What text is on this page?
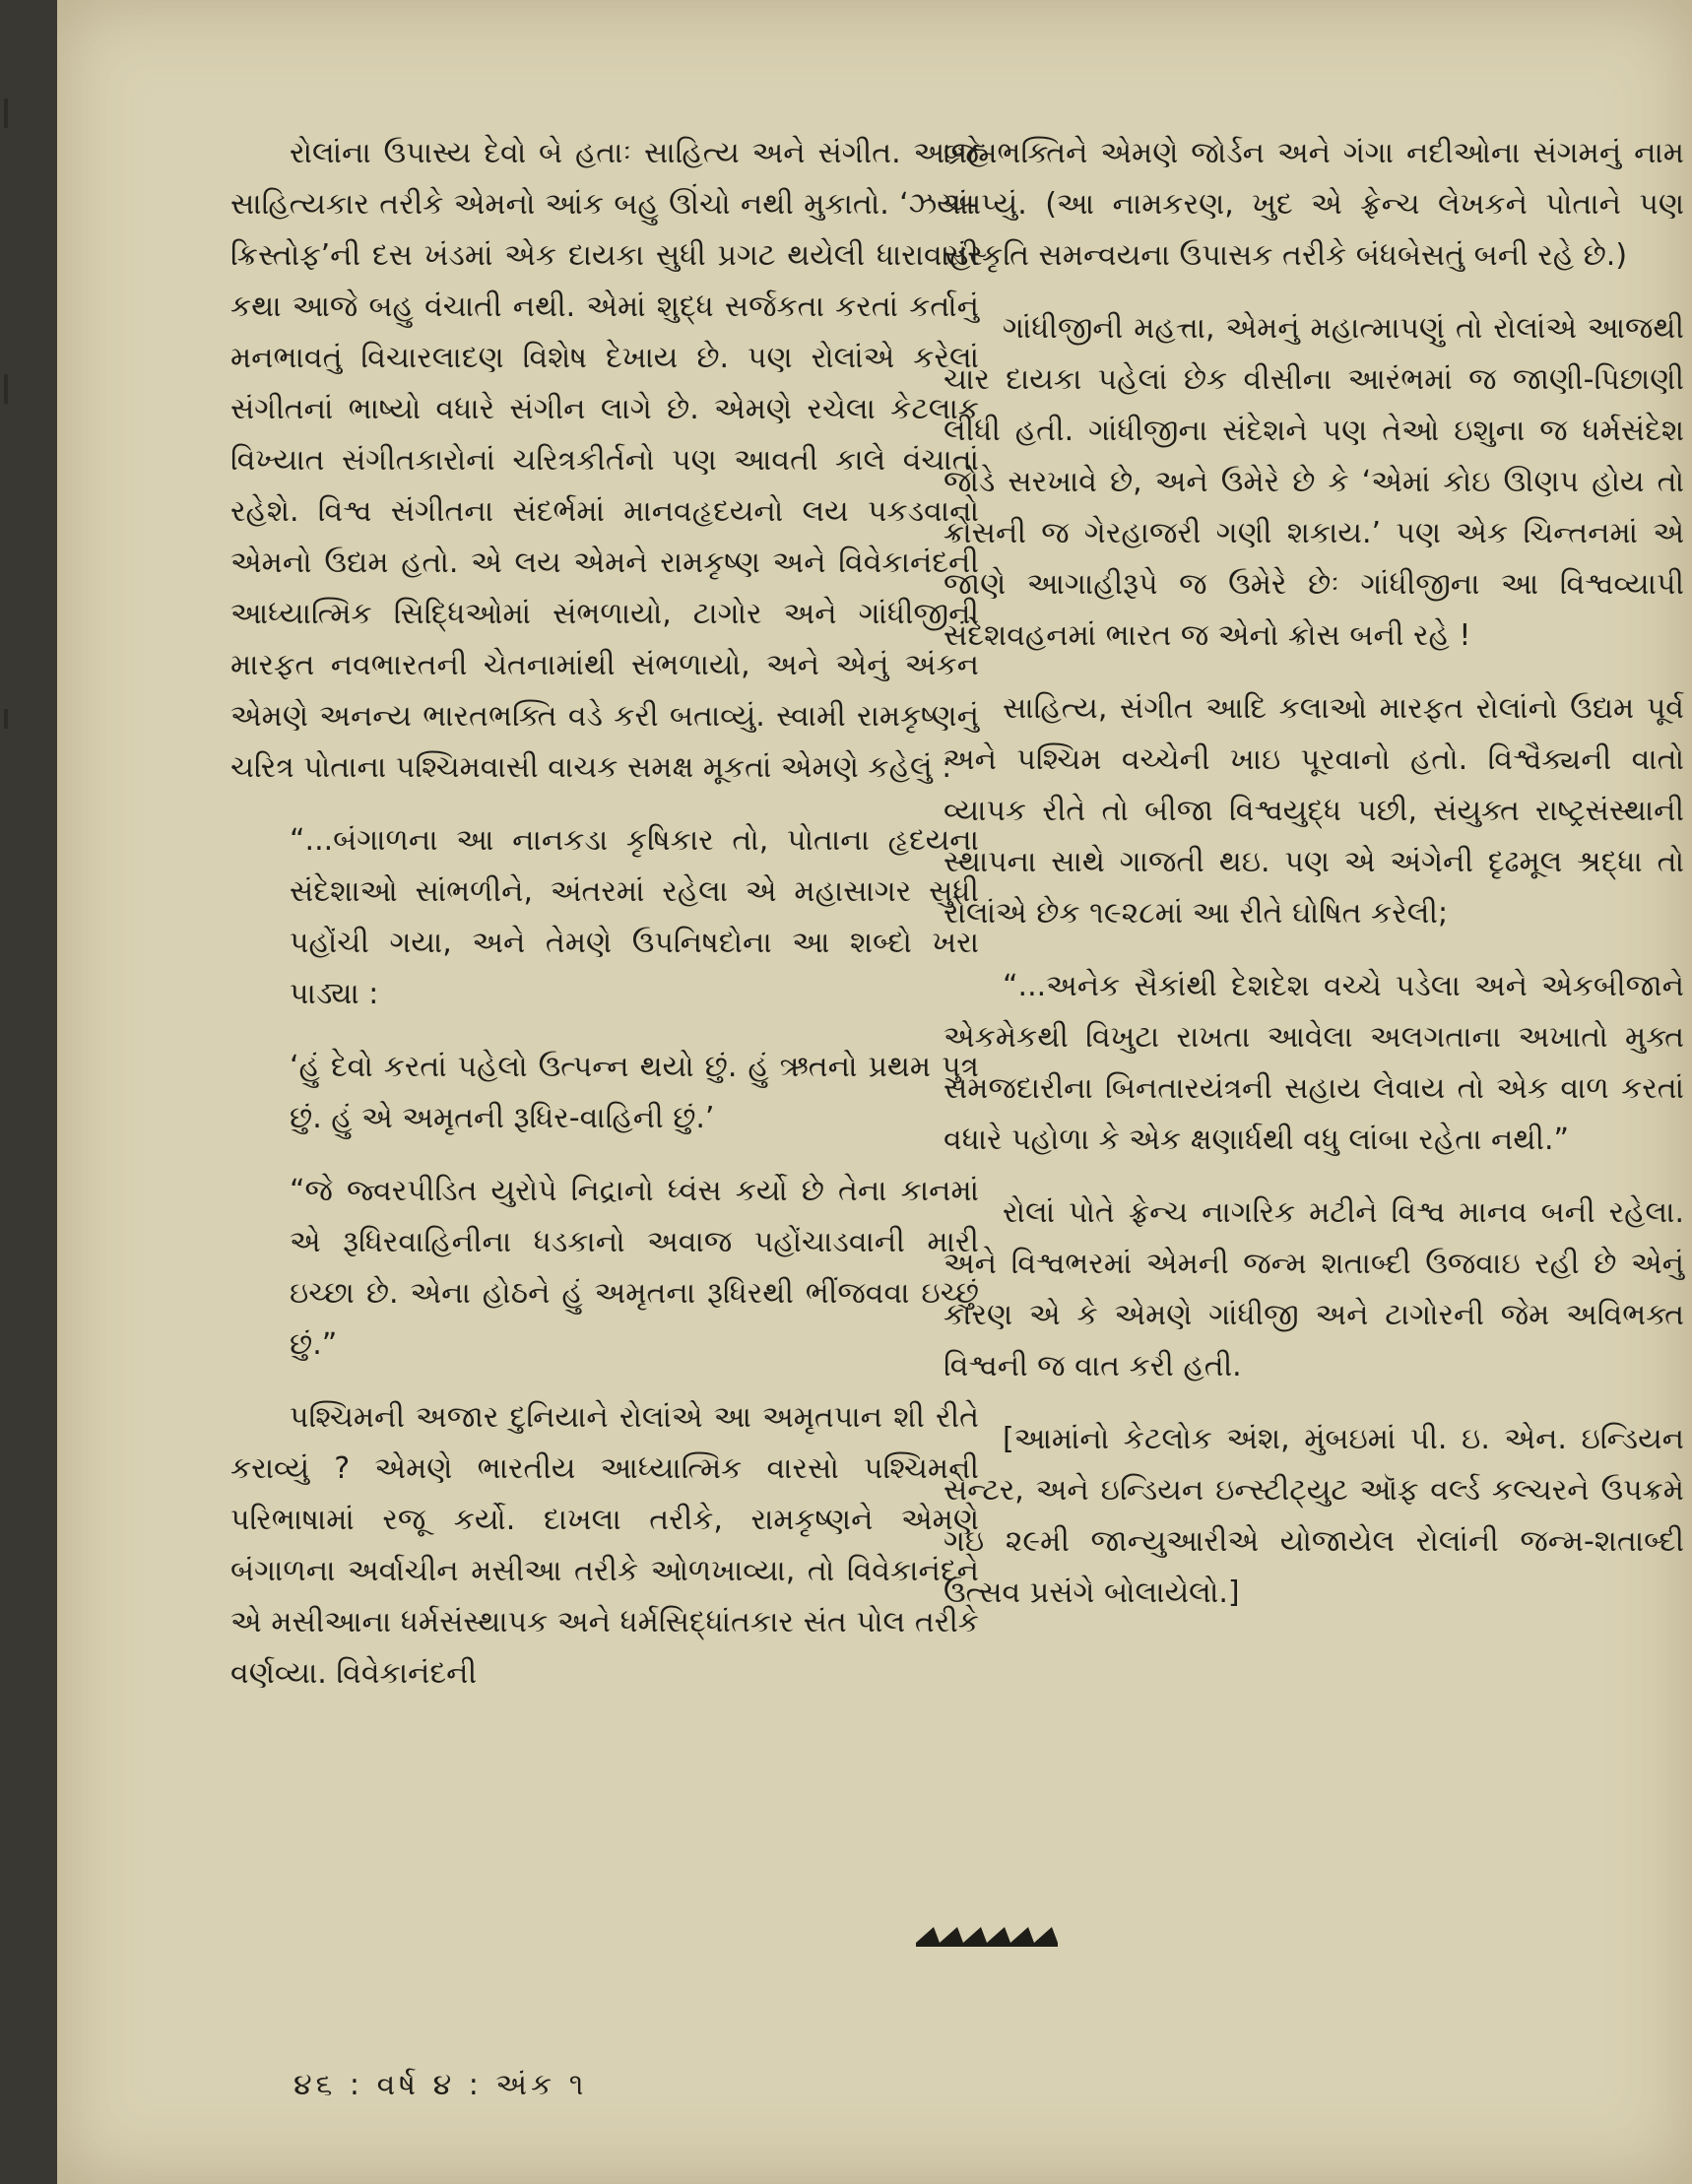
રોલાંના ઉપાસ્ય દેવો બે હતાઃ સાહિત્ય અને સંગીત. આજે સાહિત્યકાર તરીકે એમનો આંક બહુ ઊંચો નથી મુકાતો. ‘ઝયાં-ક્રિસ્તોફ’ની દસ ખંડમાં એક દાયકા સુધી પ્રગટ થયેલી ધારાવાહી કથા આજે બહુ વંચાતી નથી. એમાં શુદ્ધ સર્જકતા કરતાં કર્તાનું મનભાવતું વિચારલાદણ વિશેષ દેખાય છે. પણ રોલાંએ કરેલાં સંગીતનાં ભાષ્યો વધારે સંગીન લાગે છે. એમણે રચેલા કેટલાક વિખ્યાત સંગીતકારોનાં ચરિત્રકીર્તનો પણ આવતી કાલે વંચાતાં રહેશે. વિશ્વ સંગીતના સંદર્ભમાં માનવહૃદયનો લય પકડવાનો એમનો ઉદ્યમ હતો. એ લય એમને રામકૃષ્ણ અને વિવેકાનંદની આધ્યાત્મિક સિદ્ધિઓમાં સંભળાયો, ટાગોર અને ગાંધીજીની મારફત નવભારતની ચેતનામાંથી સંભળાયો, અને એનું અંકન એમણે અનન્ય ભારતભક્તિ વડે કરી બતાવ્યું. સ્વામી રામકૃષ્ણનું ચરિત્ર પોતાના પશ્ચિમવાસી વાચક સમક્ષ મૂકતાં એમણે કહેલું :

“...બંગાળના આ નાનકડા કૃષિકાર તો, પોતાના હૃદયના સંદેશાઓ સાંભળીને, અંતરમાં રહેલા એ મહાસાગર સુધી પહોંચી ગયા, અને તેમણે ઉપનિષદોના આ શબ્દો ખરા પાડ્યા :

‘હું દેવો કરતાં પહેલો ઉત્પન્ન થયો છું. હું ઋતનો પ્રથમ પુત્ર છું. હું એ અમૃતની રૂધિર-વાહિની છું.’

“જે જ્વરપીડિત યુરોપે નિદ્રાનો ધ્વંસ કર્યો છે તેના કાનમાં એ રૂધિરવાહિનીના ધડકાનો અવાજ પહોંચાડવાની મારી ઇચ્છા છે. એના હોઠને હું અમૃતના રૂધિરથી ભીંજવવા ઇચ્છું છું.”

પશ્ચિમની અજાર દુનિયાને રોલાંએ આ અમૃતપાન શી રીતે કરાવ્યું ? એમણે ભારતીય આધ્યાત્મિક વારસો પશ્ચિમની પરિભાષામાં રજૂ કર્યો. દાખલા તરીકે, રામકૃષ્ણને એમણે બંગાળના અર્વાચીન મસીઆ તરીકે ઓળખાવ્યા, તો વિવેકાનંદને એ મસીઆના ધર્મસંસ્થાપક અને ધર્મસિદ્ધાંતકાર સંત પોલ તરીકે વર્ણવ્યા. વિવેકાનંદની

બ્રહ્મભક્તિને એમણે જોર્ડન અને ગંગા નદીઓના સંગમનું નામ આપ્યું. (આ નામકરણ, ખુદ એ ફ્રેન્ચ લેખકને પોતાને પણ સંસ્કૃતિ સમન્વયના ઉપાસક તરીકે બંધબેસતું બની રહે છે.)

ગાંધીજીની મહત્તા, એમનું મહાત્માપણું તો રોલાંએ આજથી ચાર દાયકા પહેલાં છેક વીસીના આરંભમાં જ જાણી-પિછાણી લીધી હતી. ગાંધીજીના સંદેશને પણ તેઓ ઇશુના જ ધર્મસંદેશ જોડે સરખાવે છે, અને ઉમેરે છે કે ‘એમાં કોઇ ઊણપ હોય તો ક્રોસની જ ગેરહાજરી ગણી શકાય.’ પણ એક ચિન્તનમાં એ જાણે આગાહીરૂપે જ ઉમેરે છેઃ ગાંધીજીના આ વિશ્વવ્યાપી સંદેશવહનમાં ભારત જ એનો ક્રોસ બની રહે !

સાહિત્ય, સંગીત આદિ કલાઓ મારફત રોલાંનો ઉદ્યમ પૂર્વ અને પશ્ચિમ વચ્ચેની ખાઇ પૂરવાનો હતો. વિશ્વૈક્યની વાતો વ્યાપક રીતે તો બીજા વિશ્વયુદ્ધ પછી, સંયુક્ત રાષ્ટ્રસંસ્થાની સ્થાપના સાથે ગાજતી થઇ. પણ એ અંગેની દૃઢમૂલ શ્રદ્ધા તો રોલાંએ છેક ૧૯૨૮માં આ રીતે ઘોષિત કરેલી;

“...અનેક સૈકાંથી દેશદેશ વચ્ચે પડેલા અને એકબીજાને એકમેકથી વિખુટા રાખતા આવેલા અલગતાના અખાતો મુક્ત સમજદારીના બિનતારયંત્રની સહાય લેવાય તો એક વાળ કરતાં વધારે પહોળા કે એક ક્ષણાર્ધથી વધુ લાંબા રહેતા નથી.”

રોલાં પોતે ફ્રેન્ચ નાગરિક મટીને વિશ્વ માનવ બની રહેલા. અને વિશ્વભરમાં એમની જન્મ શતાબ્દી ઉજવાઇ રહી છે એનું કારણ એ કે એમણે ગાંધીજી અને ટાગોરની જેમ અવિભક્ત વિશ્વની જ વાત કરી હતી.

[આમાંનો કેટલોક અંશ, મુંબઇમાં પી. ઇ. એન. ઇન્ડિયન સેન્ટર, અને ઇન્ડિયન ઇન્સ્ટીટ્યુટ ઑફ વર્લ્ડ કલ્ચરને ઉપક્રમે ગઇ ૨૯મી જાન્યુઆરીએ યોજાયેલ રોલાંની જન્મ-શતાબ્દી ઉત્સવ પ્રસંગે બોલાયેલો.]

૪૬ : વર્ષ ૪ : અંક ૧
